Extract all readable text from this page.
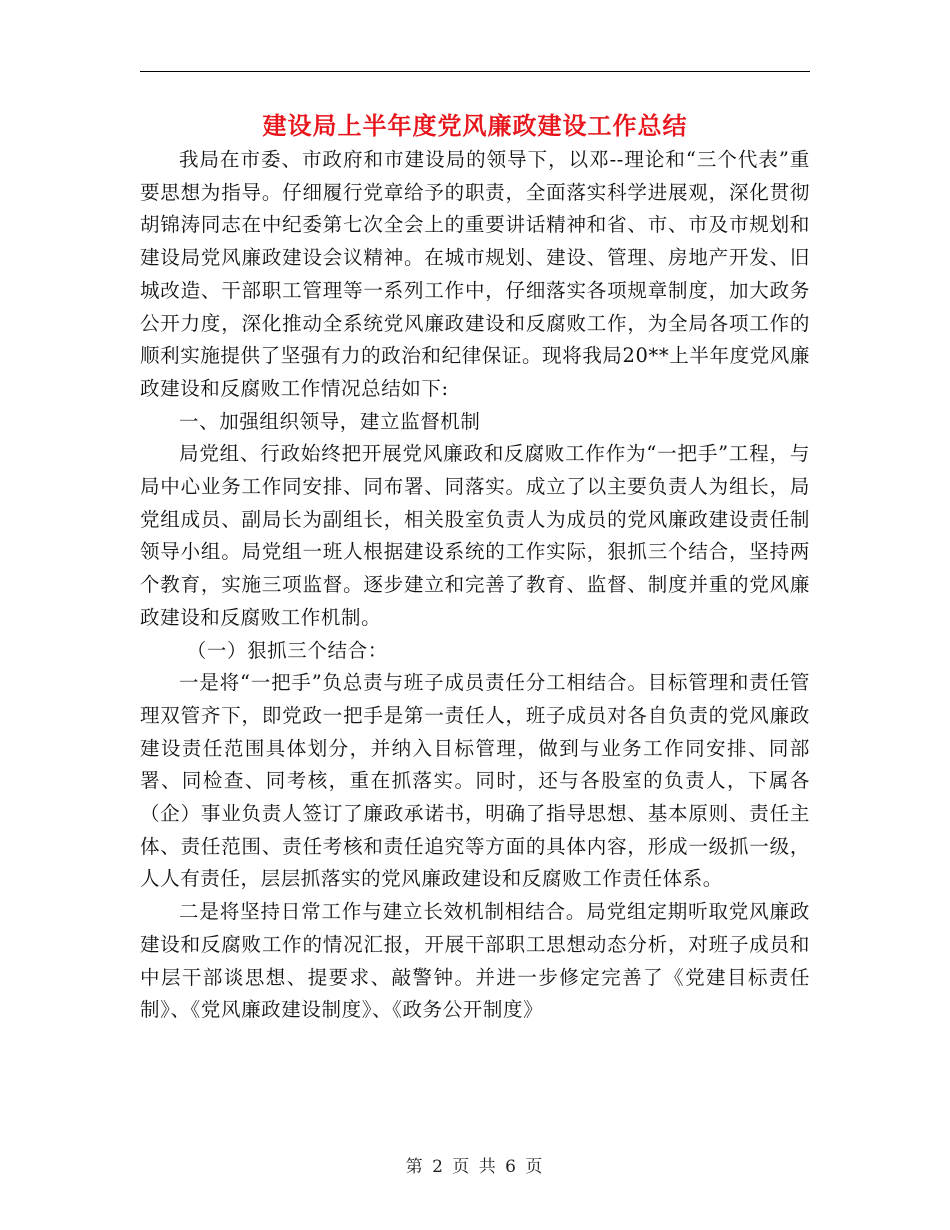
建设局上半年度党风廉政建设工作总结

我局在市委、市政府和市建设局的领导下，以邓--理论和“三个代表”重要思想为指导。仔细履行党章给予的职责，全面落实科学进展观，深化贯彻胡锦涛同志在中纪委第七次全会上的重要讲话精神和省、市、市及市规划和建设局党风廉政建设会议精神。在城市规划、建设、管理、房地产开发、旧城改造、干部职工管理等一系列工作中，仔细落实各项规章制度，加大政务公开力度，深化推动全系统党风廉政建设和反腐败工作，为全局各项工作的顺利实施提供了坚强有力的政治和纪律保证。现将我局20**上半年度党风廉政建设和反腐败工作情况总结如下:

一、加强组织领导，建立监督机制

局党组、行政始终把开展党风廉政和反腐败工作作为“一把手”工程，与局中心业务工作同安排、同布署、同落实。成立了以主要负责人为组长，局党组成员、副局长为副组长，相关股室负责人为成员的党风廉政建设责任制领导小组。局党组一班人根据建设系统的工作实际，狠抓三个结合，坚持两个教育，实施三项监督。逐步建立和完善了教育、监督、制度并重的党风廉政建设和反腐败工作机制。

（一）狠抓三个结合：

一是将“一把手”负总责与班子成员责任分工相结合。目标管理和责任管理双管齐下，即党政一把手是第一责任人，班子成员对各自负责的党风廉政建设责任范围具体划分，并纳入目标管理，做到与业务工作同安排、同部署、同检查、同考核，重在抓落实。同时，还与各股室的负责人，下属各（企）事业负责人签订了廉政承诺书，明确了指导思想、基本原则、责任主体、责任范围、责任考核和责任追究等方面的具体内容，形成一级抓一级，人人有责任，层层抓落实的党风廉政建设和反腐败工作责任体系。

二是将坚持日常工作与建立长效机制相结合。局党组定期听取党风廉政建设和反腐败工作的情况汇报，开展干部职工思想动态分析，对班子成员和中层干部谈思想、提要求、敲警钟。并进一步修定完善了《党建目标责任制》、《党风廉政建设制度》、《政务公开制度》

第 2 页 共 6 页
